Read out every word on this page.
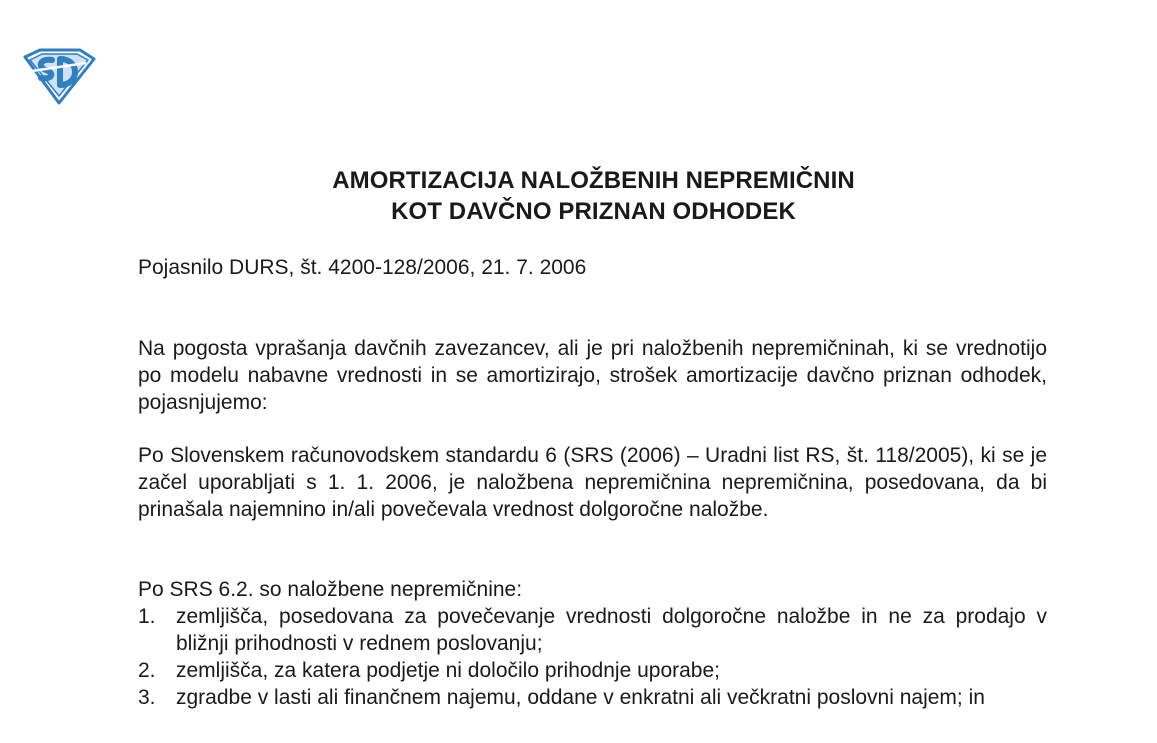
AMORTIZACIJA NALOŽBENIH NEPREMIČNIN
KOT DAVČNO PRIZNAN ODHODEK
Pojasnilo DURS, št. 4200-128/2006, 21. 7. 2006

Na pogosta vprašanja davčnih zavezancev, ali je pri naložbenih nepremičninah, ki se vrednotijo po modelu nabavne vrednosti in se amortizirajo, strošek amortizacije davčno priznan odhodek, pojasnjujemo:

Po Slovenskem računovodskem standardu 6 (SRS (2006) – Uradni list RS, št. 118/2005), ki se je začel uporabljati s 1. 1. 2006, je naložbena nepremičnina nepremičnina, posedovana, da bi prinašala najemnino in/ali povečevala vrednost dolgoročne naložbe.

Po SRS 6.2. so naložbene nepremičnine:

1. zemljišča, posedovana za povečevanje vrednosti dolgoročne naložbe in ne za prodajo v bližnji prihodnosti v rednem poslovanju;
2. zemljišča, za katera podjetje ni določilo prihodnje uporabe;
3. zgradbe v lasti ali finančnem najemu, oddane v enkratni ali večkratni poslovni najem; in
